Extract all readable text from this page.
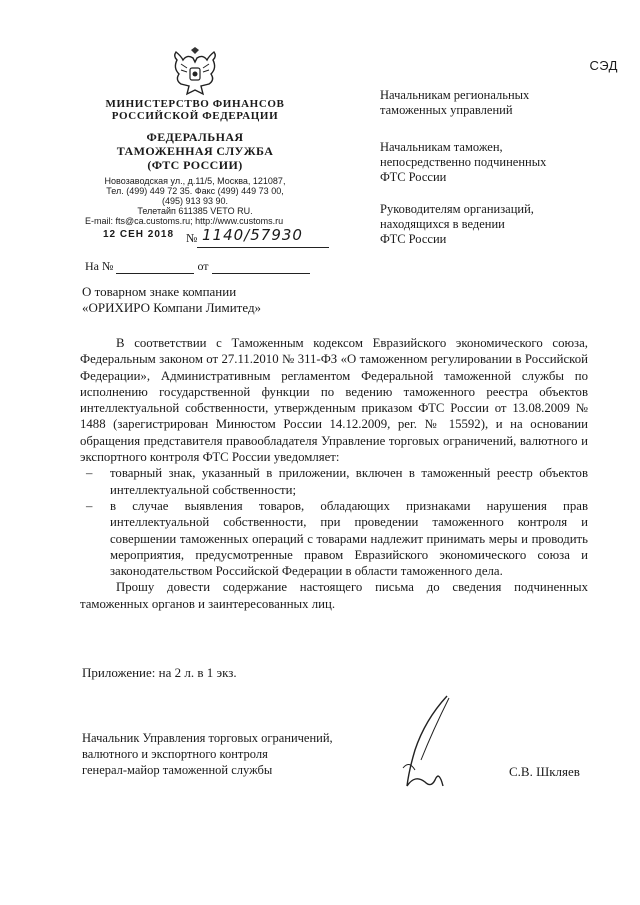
СЭД
МИНИСТЕРСТВО ФИНАНСОВ
РОССИЙСКОЙ ФЕДЕРАЦИИ
ФЕДЕРАЛЬНАЯ
ТАМОЖЕННАЯ СЛУЖБА
(ФТС РОССИИ)
Новозаводская ул., д.11/5, Москва, 121087,
Тел. (499) 449 72 35. Факс (499) 449 73 00,
(495) 913 93 90.
Телетайп 611385 VETO RU.
E-mail: fts@ca.customs.ru; http://www.customs.ru
12 СЕН 2018 № 1140/57930
На №	от
Начальникам региональных
таможенных управлений
Начальникам таможен,
непосредственно подчиненных
ФТС России
Руководителям организаций,
находящихся в ведении
ФТС России
О товарном знаке компании
«ОРИХИРО Компани Лимитед»

В соответствии с Таможенным кодексом Евразийского экономического союза, Федеральным законом от 27.11.2010 № 311-ФЗ «О таможенном регулировании в Российской Федерации», Административным регламентом Федеральной таможенной службы по исполнению государственной функции по ведению таможенного реестра объектов интеллектуальной собственности, утвержденным приказом ФТС России от 13.08.2009 № 1488 (зарегистрирован Минюстом России 14.12.2009, рег. № 15592), и на основании обращения представителя правообладателя Управление торговых ограничений, валютного и экспортного контроля ФТС России уведомляет:

– товарный знак, указанный в приложении, включен в таможенный реестр объектов интеллектуальной собственности;

– в случае выявления товаров, обладающих признаками нарушения прав интеллектуальной собственности, при проведении таможенного контроля и совершении таможенных операций с товарами надлежит принимать меры и проводить мероприятия, предусмотренные правом Евразийского экономического союза и законодательством Российской Федерации в области таможенного дела.

Прошу довести содержание настоящего письма до сведения подчиненных таможенных органов и заинтересованных лиц.

Приложение: на 2 л. в 1 экз.
Начальник Управления торговых ограничений,
валютного и экспортного контроля
генерал-майор таможенной службы	С.В. Шкляев
